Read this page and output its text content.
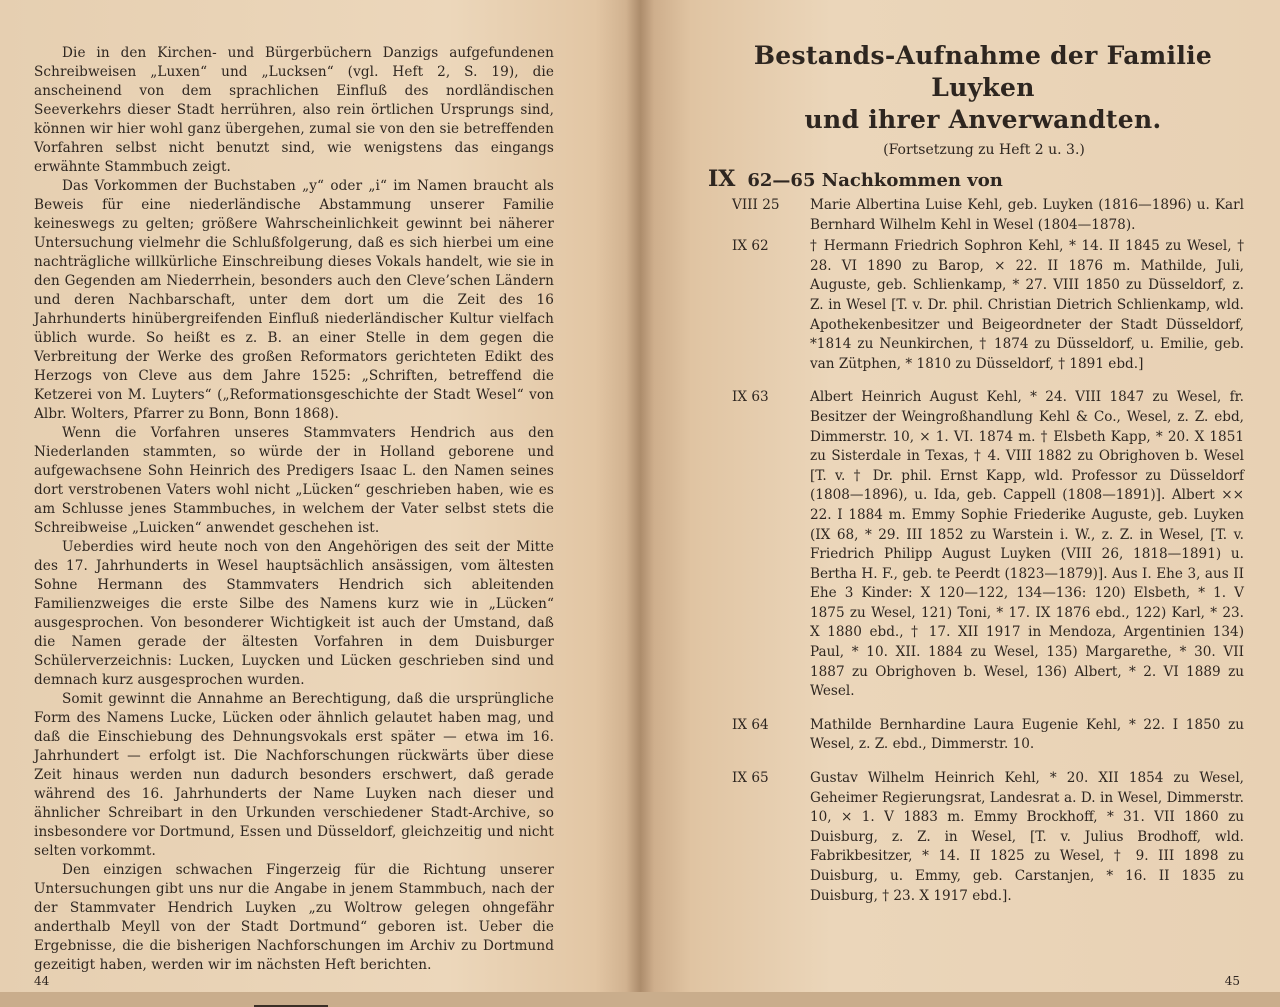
Die in den Kirchen- und Bürgerbüchern Danzigs aufgefundenen Schreibweisen „Luxen“ und „Lucksen“ (vgl. Heft 2, S. 19), die anscheinend von dem sprachlichen Einfluß des nordländischen Seeverkehrs dieser Stadt herrühren, also rein örtlichen Ursprungs sind, können wir hier wohl ganz übergehen, zumal sie von den sie betreffenden Vorfahren selbst nicht benutzt sind, wie wenigstens das eingangs erwähnte Stammbuch zeigt.

Das Vorkommen der Buchstaben „y“ oder „i“ im Namen braucht als Beweis für eine niederländische Abstammung unserer Familie keineswegs zu gelten; größere Wahrscheinlichkeit gewinnt bei näherer Untersuchung vielmehr die Schlußfolgerung, daß es sich hierbei um eine nachträgliche willkürliche Einschreibung dieses Vokals handelt, wie sie in den Gegenden am Niederrhein, besonders auch den Cleve’schen Ländern und deren Nachbarschaft, unter dem dort um die Zeit des 16 Jahrhunderts hinübergreifenden Einfluß niederländischer Kultur vielfach üblich wurde. So heißt es z. B. an einer Stelle in dem gegen die Verbreitung der Werke des großen Reformators gerichteten Edikt des Herzogs von Cleve aus dem Jahre 1525: „Schriften, betreffend die Ketzerei von M. Luyters“ („Reformationsgeschichte der Stadt Wesel“ von Albr. Wolters, Pfarrer zu Bonn, Bonn 1868).

Wenn die Vorfahren unseres Stammvaters Hendrich aus den Niederlanden stammten, so würde der in Holland geborene und aufgewachsene Sohn Heinrich des Predigers Isaac L. den Namen seines dort verstrobenen Vaters wohl nicht „Lücken“ geschrieben haben, wie es am Schlusse jenes Stammbuches, in welchem der Vater selbst stets die Schreibweise „Luicken“ anwendet geschehen ist.

Ueberdies wird heute noch von den Angehörigen des seit der Mitte des 17. Jahrhunderts in Wesel hauptsächlich ansässigen, vom ältesten Sohne Hermann des Stammvaters Hendrich sich ableitenden Familienzweiges die erste Silbe des Namens kurz wie in „Lücken“ ausgesprochen. Von besonderer Wichtigkeit ist auch der Umstand, daß die Namen gerade der ältesten Vorfahren in dem Duisburger Schülerverzeichnis: Lucken, Luycken und Lücken geschrieben sind und demnach kurz ausgesprochen wurden.

Somit gewinnt die Annahme an Berechtigung, daß die ursprüngliche Form des Namens Lucke, Lücken oder ähnlich gelautet haben mag, und daß die Einschiebung des Dehnungsvokals erst später — etwa im 16. Jahrhundert — erfolgt ist. Die Nachforschungen rückwärts über diese Zeit hinaus werden nun dadurch besonders erschwert, daß gerade während des 16. Jahrhunderts der Name Luyken nach dieser und ähnlicher Schreibart in den Urkunden verschiedener Stadt-Archive, so insbesondere vor Dortmund, Essen und Düsseldorf, gleichzeitig und nicht selten vorkommt.

Den einzigen schwachen Fingerzeig für die Richtung unserer Untersuchungen gibt uns nur die Angabe in jenem Stammbuch, nach der der Stammvater Hendrich Luyken „zu Woltrow gelegen ohngefähr anderthalb Meyll von der Stadt Dortmund“ geboren ist. Ueber die Ergebnisse, die die bisherigen Nachforschungen im Archiv zu Dortmund gezeitigt haben, werden wir im nächsten Heft berichten.

44
Bestands-Aufnahme der Familie Luyken
und ihrer Anverwandten.
(Fortsetzung zu Heft 2 u. 3.)
IX 62—65 Nachkommen von
VIII 25	Marie Albertina Luise Kehl, geb. Luyken (1816—1896) u. Karl Bernhard Wilhelm Kehl in Wesel (1804—1878).
IX 62	† Hermann Friedrich Sophron Kehl, * 14. II 1845 zu Wesel, † 28. VI 1890 zu Barop, × 22. II 1876 m. Mathilde, Juli, Auguste, geb. Schlienkamp, * 27. VIII 1850 zu Düsseldorf, z. Z. in Wesel [T. v. Dr. phil. Christian Dietrich Schlienkamp, wld. Apothekenbesitzer und Beigeordneter der Stadt Düsseldorf, *1814 zu Neunkirchen, † 1874 zu Düsseldorf, u. Emilie, geb. van Zütphen, * 1810 zu Düsseldorf, † 1891 ebd.]
IX 63	Albert Heinrich August Kehl, * 24. VIII 1847 zu Wesel, fr. Besitzer der Weingroßhandlung Kehl & Co., Wesel, z. Z. ebd, Dimmerstr. 10, × 1. VI. 1874 m. † Elsbeth Kapp, * 20. X 1851 zu Sisterdale in Texas, † 4. VIII 1882 zu Obrighoven b. Wesel [T. v. † Dr. phil. Ernst Kapp, wld. Professor zu Düsseldorf (1808—1896), u. Ida, geb. Cappell (1808—1891)]. Albert ×× 22. I 1884 m. Emmy Sophie Friederike Auguste, geb. Luyken (IX 68, * 29. III 1852 zu Warstein i. W., z. Z. in Wesel, [T. v. Friedrich Philipp August Luyken (VIII 26, 1818—1891) u. Bertha H. F., geb. te Peerdt (1823—1879)]. Aus I. Ehe 3, aus II Ehe 3 Kinder: X 120—122, 134—136: 120) Elsbeth, * 1. V 1875 zu Wesel, 121) Toni, * 17. IX 1876 ebd., 122) Karl, * 23. X 1880 ebd., † 17. XII 1917 in Mendoza, Argentinien 134) Paul, * 10. XII. 1884 zu Wesel, 135) Margarethe, * 30. VII 1887 zu Obrighoven b. Wesel, 136) Albert, * 2. VI 1889 zu Wesel.
IX 64	Mathilde Bernhardine Laura Eugenie Kehl, * 22. I 1850 zu Wesel, z. Z. ebd., Dimmerstr. 10.
IX 65	Gustav Wilhelm Heinrich Kehl, * 20. XII 1854 zu Wesel, Geheimer Regierungsrat, Landesrat a. D. in Wesel, Dimmerstr. 10, × 1. V 1883 m. Emmy Brockhoff, * 31. VII 1860 zu Duisburg, z. Z. in Wesel, [T. v. Julius Brodhoff, wld. Fabrikbesitzer, * 14. II 1825 zu Wesel, † 9. III 1898 zu Duisburg, u. Emmy, geb. Carstanjen, * 16. II 1835 zu Duisburg, † 23. X 1917 ebd.].
45
